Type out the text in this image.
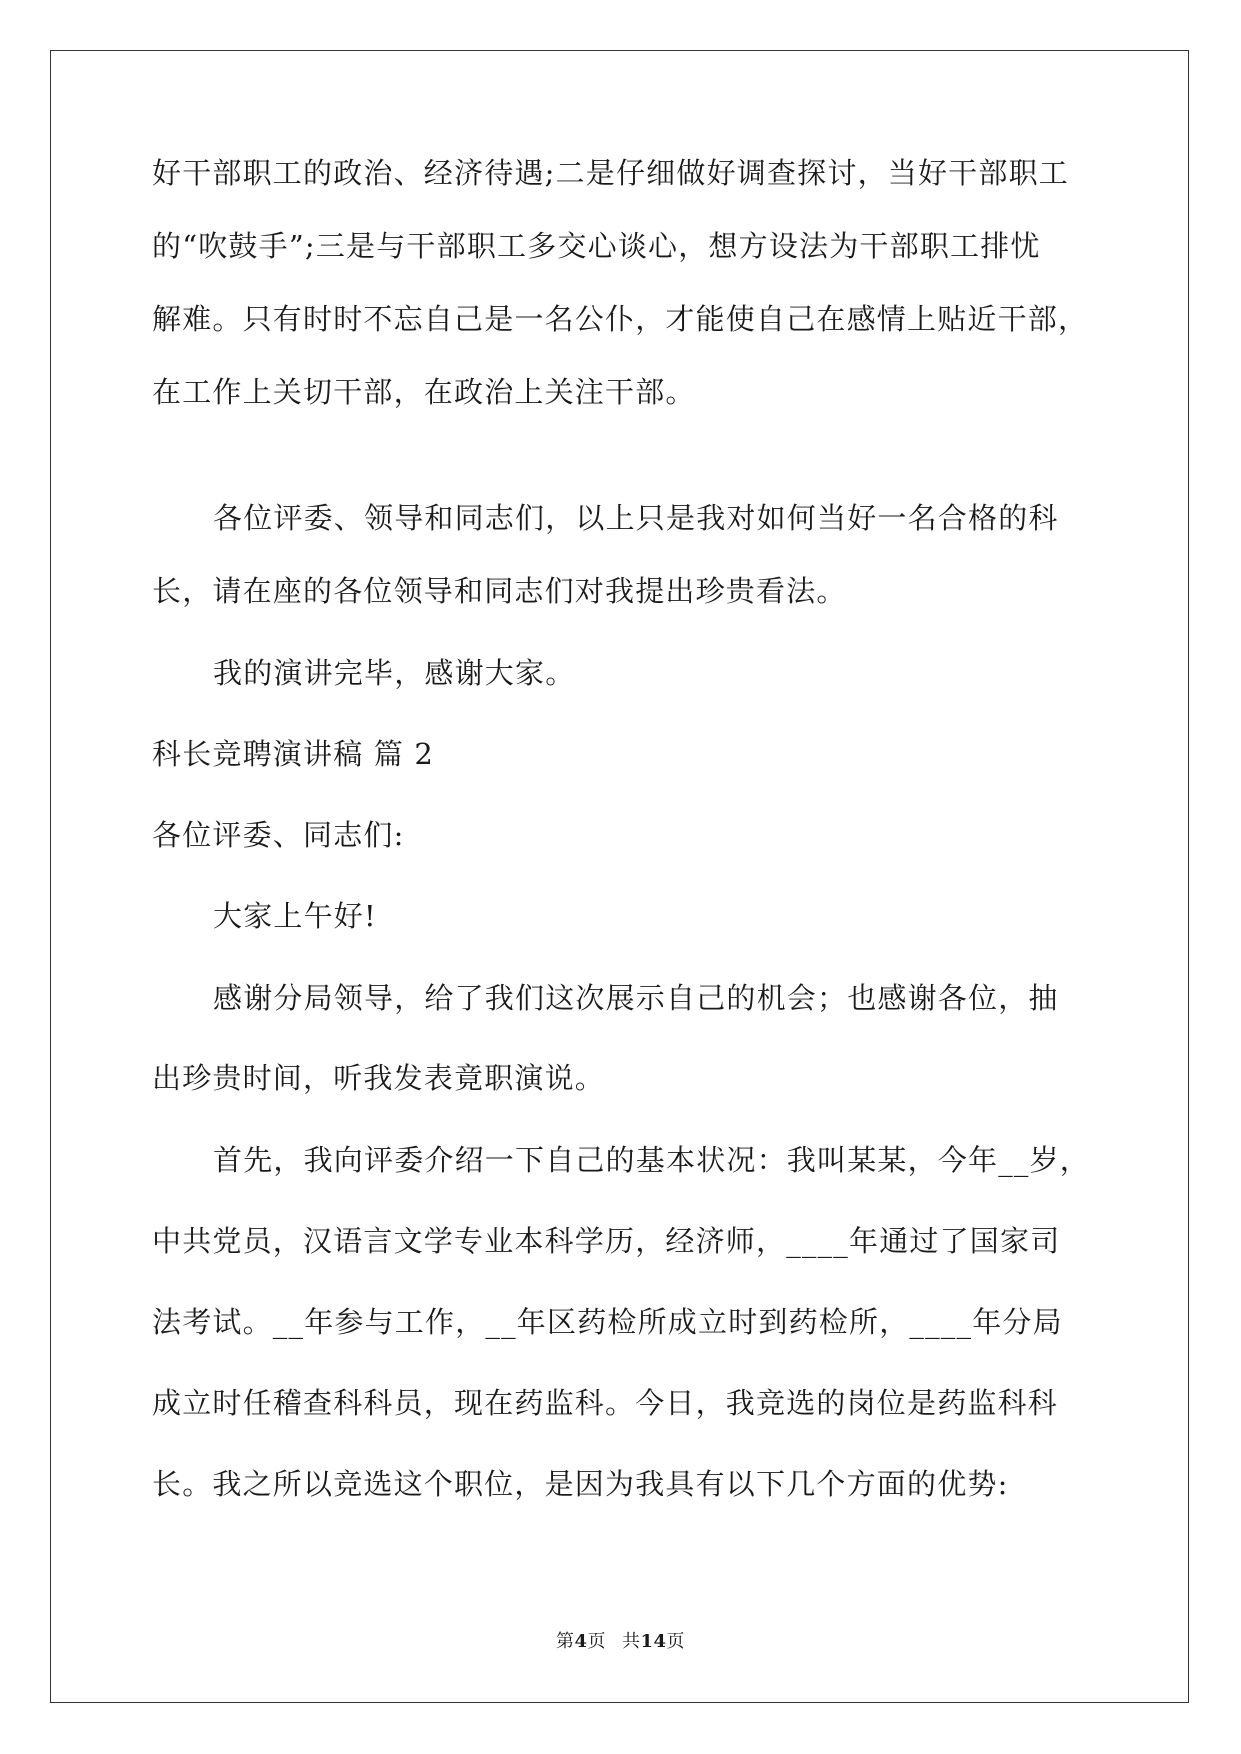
好干部职工的政治、经济待遇;二是仔细做好调查探讨，当好干部职工
的“吹鼓手”;三是与干部职工多交心谈心，想方设法为干部职工排忧
解难。只有时时不忘自己是一名公仆，才能使自己在感情上贴近干部，
在工作上关切干部，在政治上关注干部。
各位评委、领导和同志们，以上只是我对如何当好一名合格的科
长，请在座的各位领导和同志们对我提出珍贵看法。
我的演讲完毕，感谢大家。
科长竞聘演讲稿 篇 2
各位评委、同志们:
大家上午好!
感谢分局领导，给了我们这次展示自己的机会；也感谢各位，抽
出珍贵时间，听我发表竟职演说。
首先，我向评委介绍一下自己的基本状况：我叫某某，今年__岁，
中共党员，汉语言文学专业本科学历，经济师，____年通过了国家司
法考试。__年参与工作，__年区药检所成立时到药检所，____年分局
成立时任稽查科科员，现在药监科。今日，我竞选的岗位是药监科科
长。我之所以竞选这个职位，是因为我具有以下几个方面的优势:
第4页 共14页
